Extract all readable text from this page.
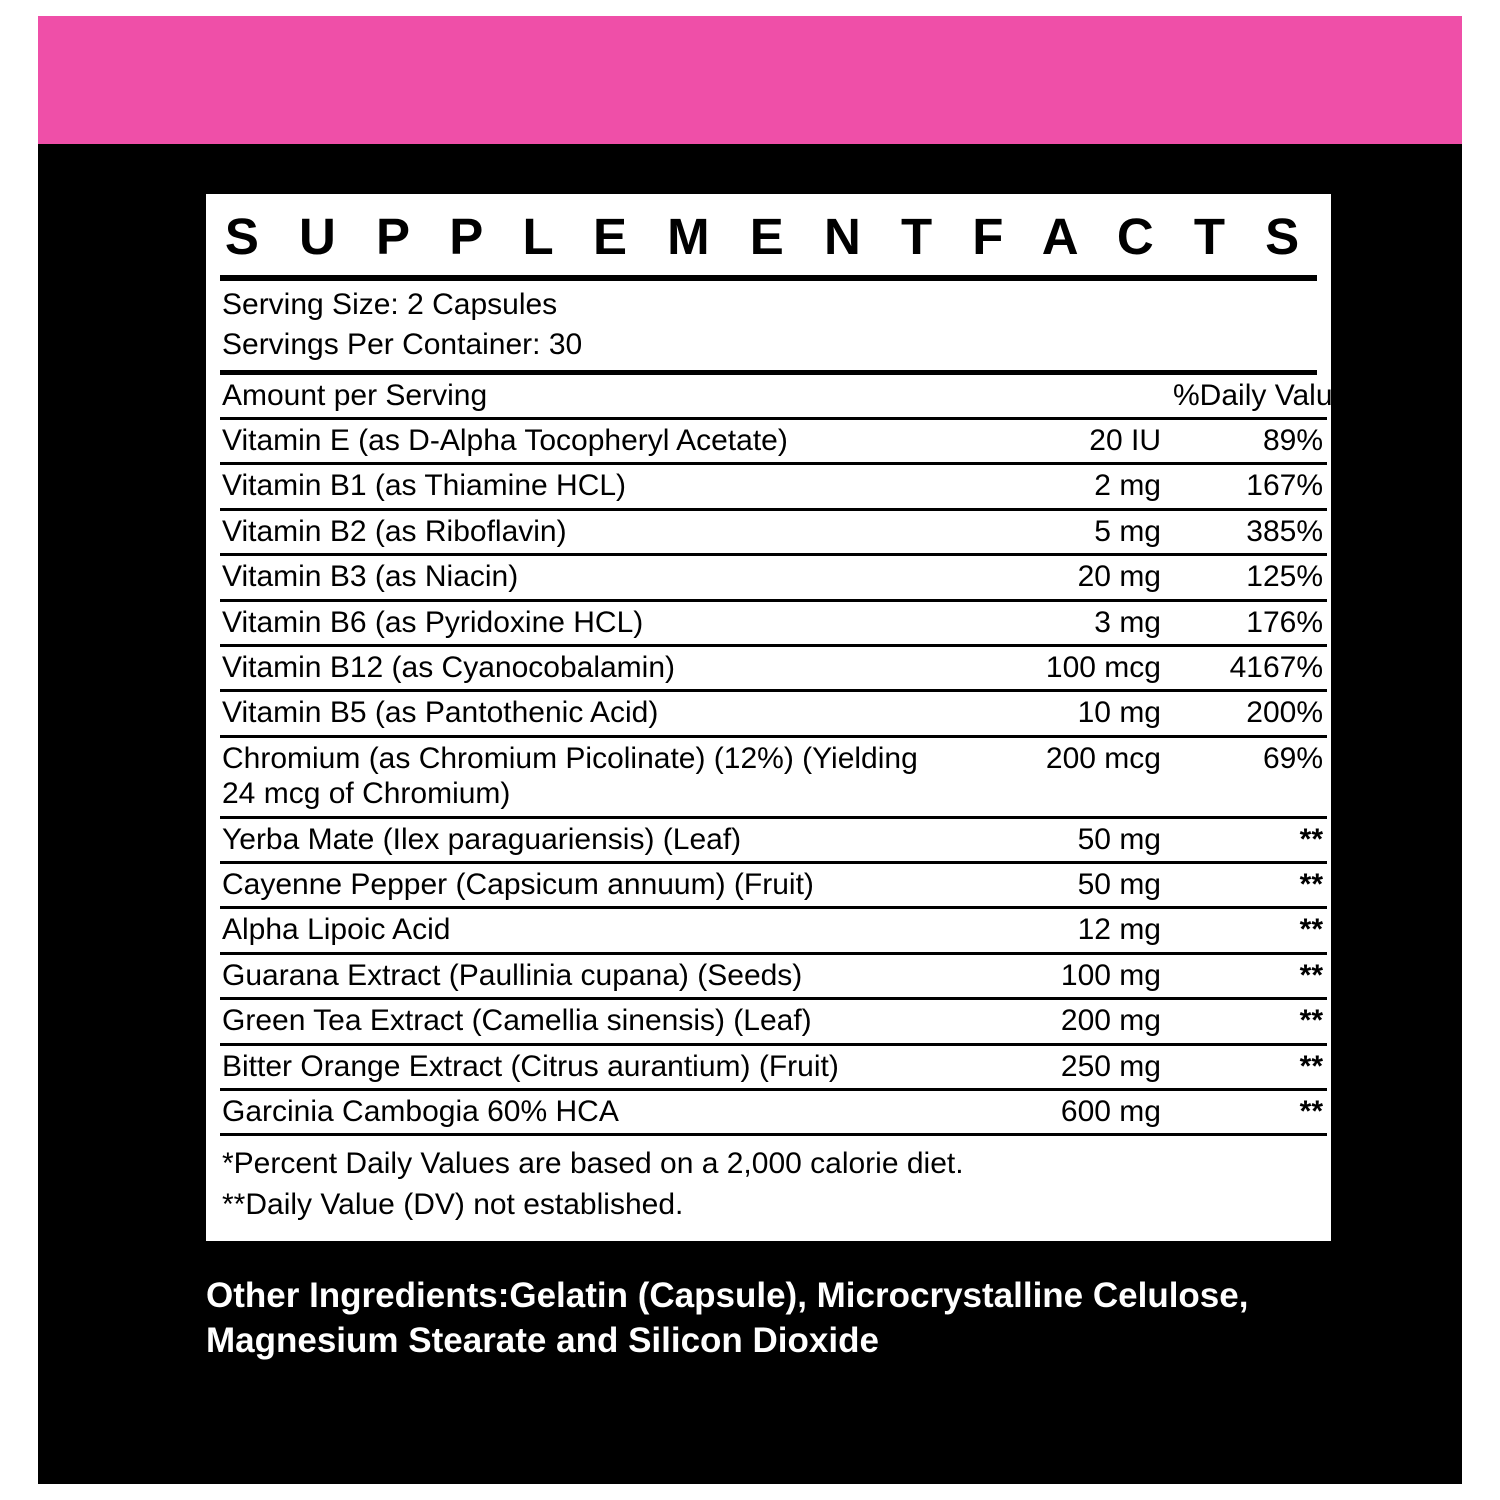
S U P P L E M E N T F A C T S
Serving Size: 2 Capsules
Servings Per Container: 30
Amount per Serving		%Daily Value*
Vitamin E (as D-Alpha Tocopheryl Acetate)	20 IU	89%
Vitamin B1 (as Thiamine HCL)	2 mg	167%
Vitamin B2 (as Riboflavin)	5 mg	385%
Vitamin B3 (as Niacin)	20 mg	125%
Vitamin B6 (as Pyridoxine HCL)	3 mg	176%
Vitamin B12 (as Cyanocobalamin)	100 mcg	4167%
Vitamin B5 (as Pantothenic Acid)	10 mg	200%
Chromium (as Chromium Picolinate) (12%) (Yielding 24 mcg of Chromium)	200 mcg	69%
Yerba Mate (Ilex paraguariensis) (Leaf)	50 mg	**
Cayenne Pepper (Capsicum annuum) (Fruit)	50 mg	**
Alpha Lipoic Acid	12 mg	**
Guarana Extract (Paullinia cupana) (Seeds)	100 mg	**
Green Tea Extract (Camellia sinensis) (Leaf)	200 mg	**
Bitter Orange Extract (Citrus aurantium) (Fruit)	250 mg	**
Garcinia Cambogia 60% HCA	600 mg	**
*Percent Daily Values are based on a 2,000 calorie diet.
**Daily Value (DV) not established.
Other Ingredients:Gelatin (Capsule), Microcrystalline Celulose, Magnesium Stearate and Silicon Dioxide
